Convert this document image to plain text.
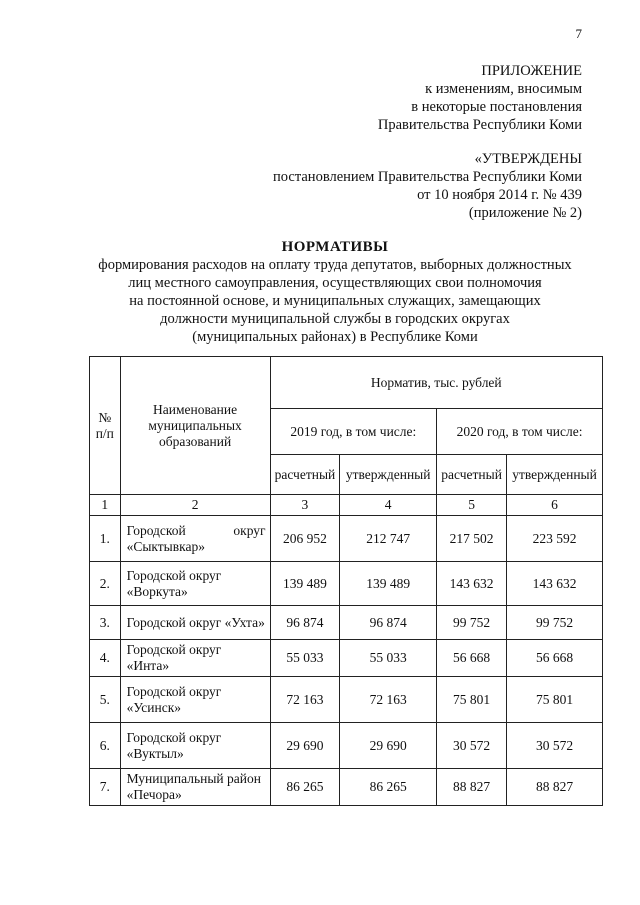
7
ПРИЛОЖЕНИЕ
к изменениям, вносимым
в некоторые постановления
Правительства Республики Коми
«УТВЕРЖДЕНЫ
постановлением Правительства Республики Коми
от 10 ноября 2014 г. № 439
(приложение № 2)
НОРМАТИВЫ
формирования расходов на оплату труда депутатов, выборных должностных
лиц местного самоуправления, осуществляющих свои полномочия
на постоянной основе, и муниципальных служащих, замещающих
должности муниципальной службы в городских округах
(муниципальных районах) в Республике Коми
№ п/п	Наименование муниципальных образований	Норматив, тыс. рублей			
		2019 год, в том числе:		2020 год, в том числе:	
		расчетный	утвержденный	расчетный	утвержденный
1	2	3	4	5	6
1.	Городской округ «Сыктывкар»	206 952	212 747	217 502	223 592
2.	Городской округ «Воркута»	139 489	139 489	143 632	143 632
3.	Городской округ «Ухта»	96 874	96 874	99 752	99 752
4.	Городской округ «Инта»	55 033	55 033	56 668	56 668
5.	Городской округ «Усинск»	72 163	72 163	75 801	75 801
6.	Городской округ «Вуктыл»	29 690	29 690	30 572	30 572
7.	Муниципальный район «Печора»	86 265	86 265	88 827	88 827
